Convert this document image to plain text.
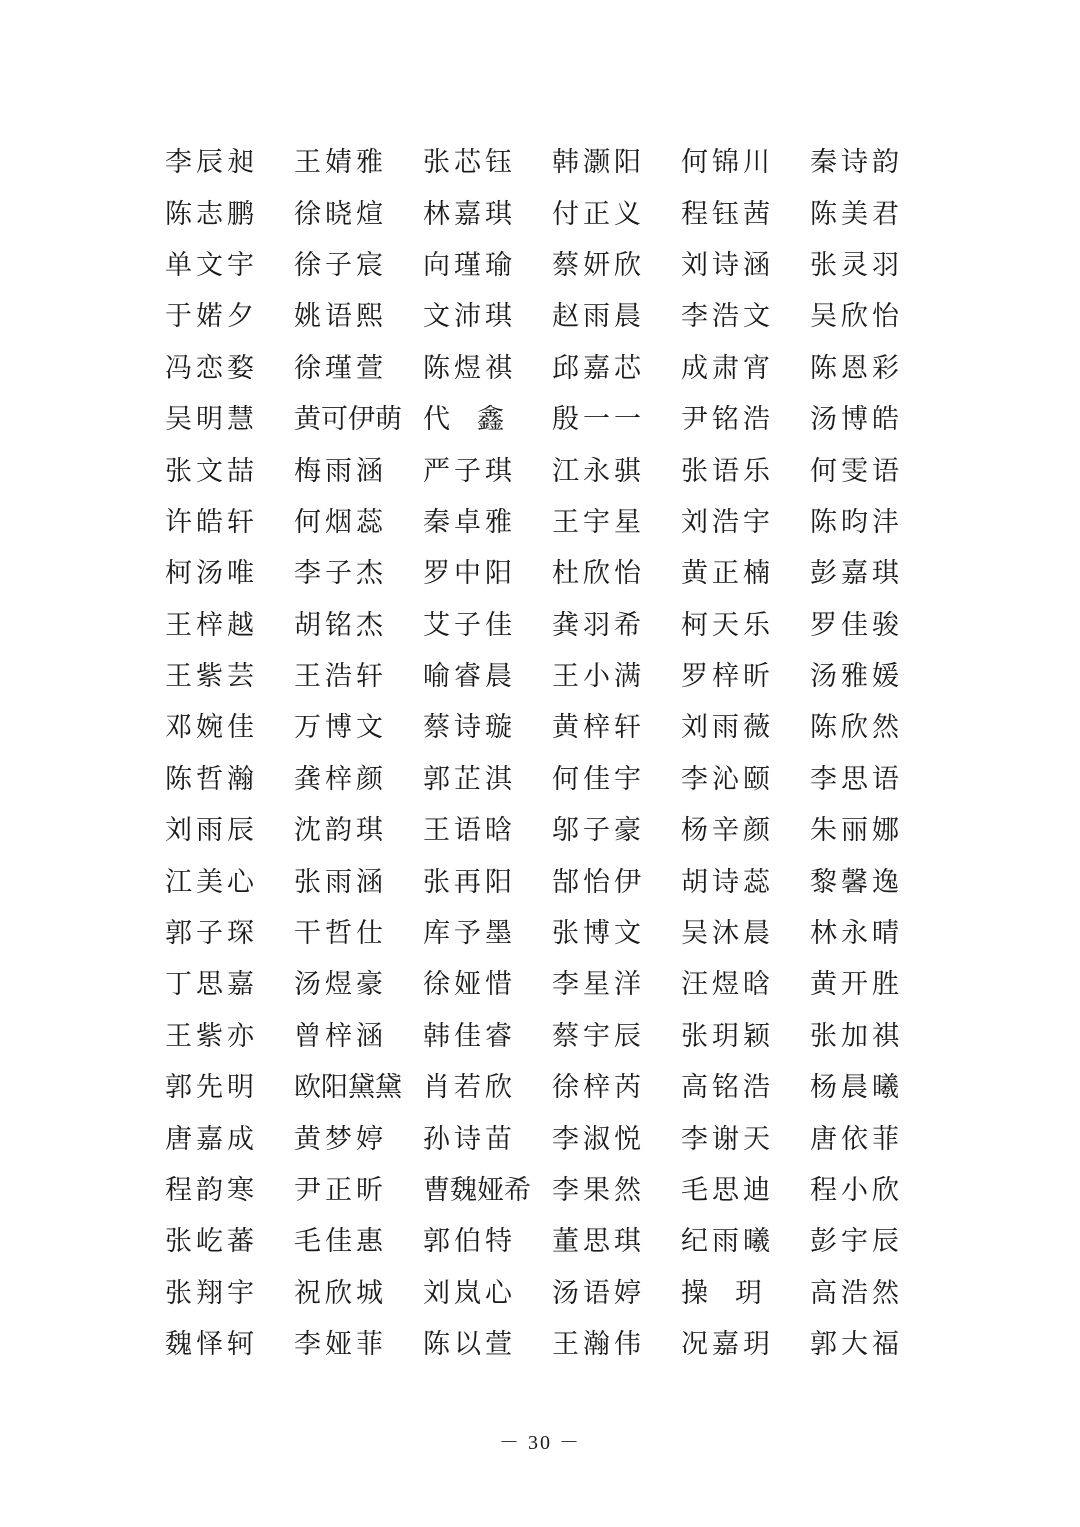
李辰昶	王婧雅	张芯钰	韩灏阳	何锦川	秦诗韵
陈志鹏	徐晓煊	林嘉琪	付正义	程钰茜	陈美君
单文宇	徐子宸	向瑾瑜	蔡妍欣	刘诗涵	张灵羽
于婼夕	姚语熙	文沛琪	赵雨晨	李浩文	吴欣怡
冯恋婺	徐瑾萱	陈煜祺	邱嘉芯	成肃宵	陈恩彩
吴明慧	黄可伊萌 代　鑫	殷一一	尹铭浩	汤博皓
张文喆	梅雨涵	严子琪	江永骐	张语乐	何雯语
许皓轩	何烟蕊	秦卓雅	王宇星	刘浩宇	陈昀沣
柯汤唯	李子杰	罗中阳	杜欣怡	黄正楠	彭嘉琪
王梓越	胡铭杰	艾子佳	龚羽希	柯天乐	罗佳骏
王紫芸	王浩轩	喻睿晨	王小满	罗梓昕	汤雅媛
邓婉佳	万博文	蔡诗璇	黄梓轩	刘雨薇	陈欣然
陈哲瀚	龚梓颜	郭芷淇	何佳宇	李沁颐	李思语
刘雨辰	沈韵琪	王语晗	邬子豪	杨辛颜	朱丽娜
江美心	张雨涵	张再阳	郜怡伊	胡诗蕊	黎馨逸
郭子琛	干哲仕	库予墨	张博文	吴沐晨	林永晴
丁思嘉	汤煜豪	徐娅惜	李星洋	汪煜晗	黄开胜
王紫亦	曾梓涵	韩佳睿	蔡宇辰	张玥颖	张加祺
郭先明	欧阳黛黛 肖若欣	徐梓芮	高铭浩	杨晨曦
唐嘉成	黄梦婷	孙诗苗	李淑悦	李谢天	唐依菲
程韵寒	尹正昕	曹魏娅希 李果然	毛思迪	程小欣
张屹蕃	毛佳惠	郭伯特	董思琪	纪雨曦	彭宇辰
张翔宇	祝欣城	刘岚心	汤语婷	操　玥	高浩然
魏怿轲	李娅菲	陈以萱	王瀚伟	况嘉玥	郭大福
－ 30 －
